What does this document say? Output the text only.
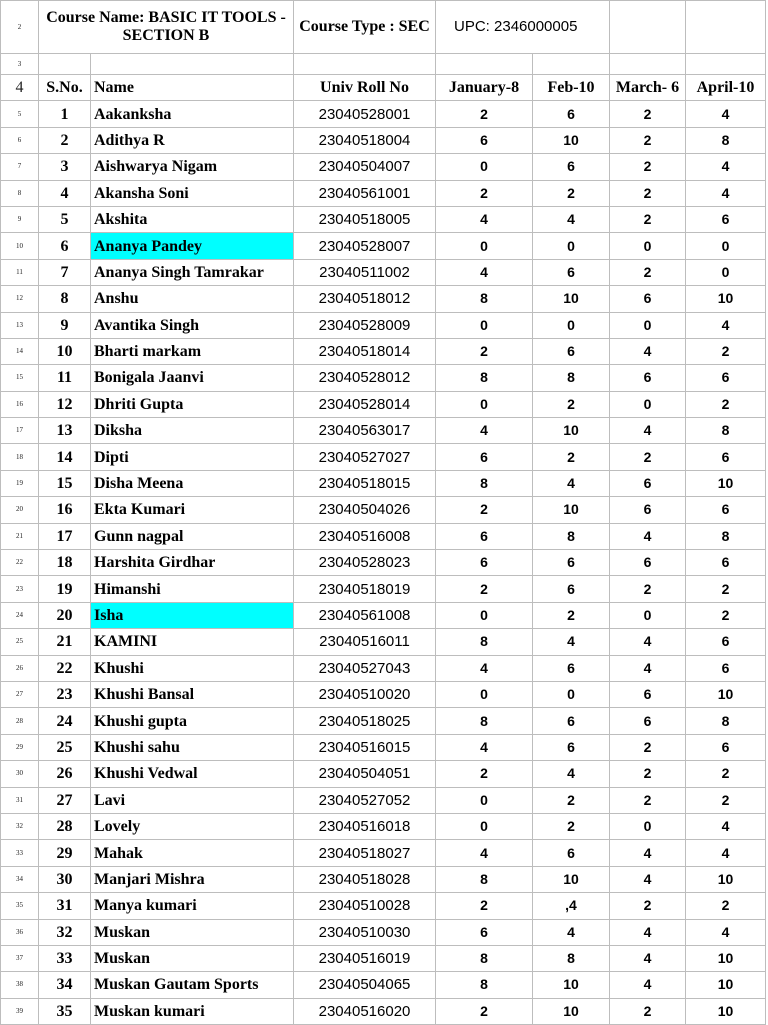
2	Course Name: BASIC IT TOOLS - SECTION B		Course Type : SEC	UPC: 2346000005			
3							
4	S.No.	Name	Univ Roll No	January-8	Feb-10	March- 6	April-10
5	1	Aakanksha	23040528001	2	6	2	4
6	2	Adithya R	23040518004	6	10	2	8
7	3	Aishwarya Nigam	23040504007	0	6	2	4
8	4	Akansha Soni	23040561001	2	2	2	4
9	5	Akshita	23040518005	4	4	2	6
10	6	Ananya Pandey	23040528007	0	0	0	0
11	7	Ananya Singh Tamrakar	23040511002	4	6	2	0
12	8	Anshu	23040518012	8	10	6	10
13	9	Avantika Singh	23040528009	0	0	0	4
14	10	Bharti markam	23040518014	2	6	4	2
15	11	Bonigala Jaanvi	23040528012	8	8	6	6
16	12	Dhriti Gupta	23040528014	0	2	0	2
17	13	Diksha	23040563017	4	10	4	8
18	14	Dipti	23040527027	6	2	2	6
19	15	Disha Meena	23040518015	8	4	6	10
20	16	Ekta Kumari	23040504026	2	10	6	6
21	17	Gunn nagpal	23040516008	6	8	4	8
22	18	Harshita Girdhar	23040528023	6	6	6	6
23	19	Himanshi	23040518019	2	6	2	2
24	20	Isha	23040561008	0	2	0	2
25	21	KAMINI	23040516011	8	4	4	6
26	22	Khushi	23040527043	4	6	4	6
27	23	Khushi Bansal	23040510020	0	0	6	10
28	24	Khushi gupta	23040518025	8	6	6	8
29	25	Khushi sahu	23040516015	4	6	2	6
30	26	Khushi Vedwal	23040504051	2	4	2	2
31	27	Lavi	23040527052	0	2	2	2
32	28	Lovely	23040516018	0	2	0	4
33	29	Mahak	23040518027	4	6	4	4
34	30	Manjari Mishra	23040518028	8	10	4	10
35	31	Manya kumari	23040510028	2	,4	2	2
36	32	Muskan	23040510030	6	4	4	4
37	33	Muskan	23040516019	8	8	4	10
38	34	Muskan Gautam Sports	23040504065	8	10	4	10
39	35	Muskan kumari	23040516020	2	10	2	10
